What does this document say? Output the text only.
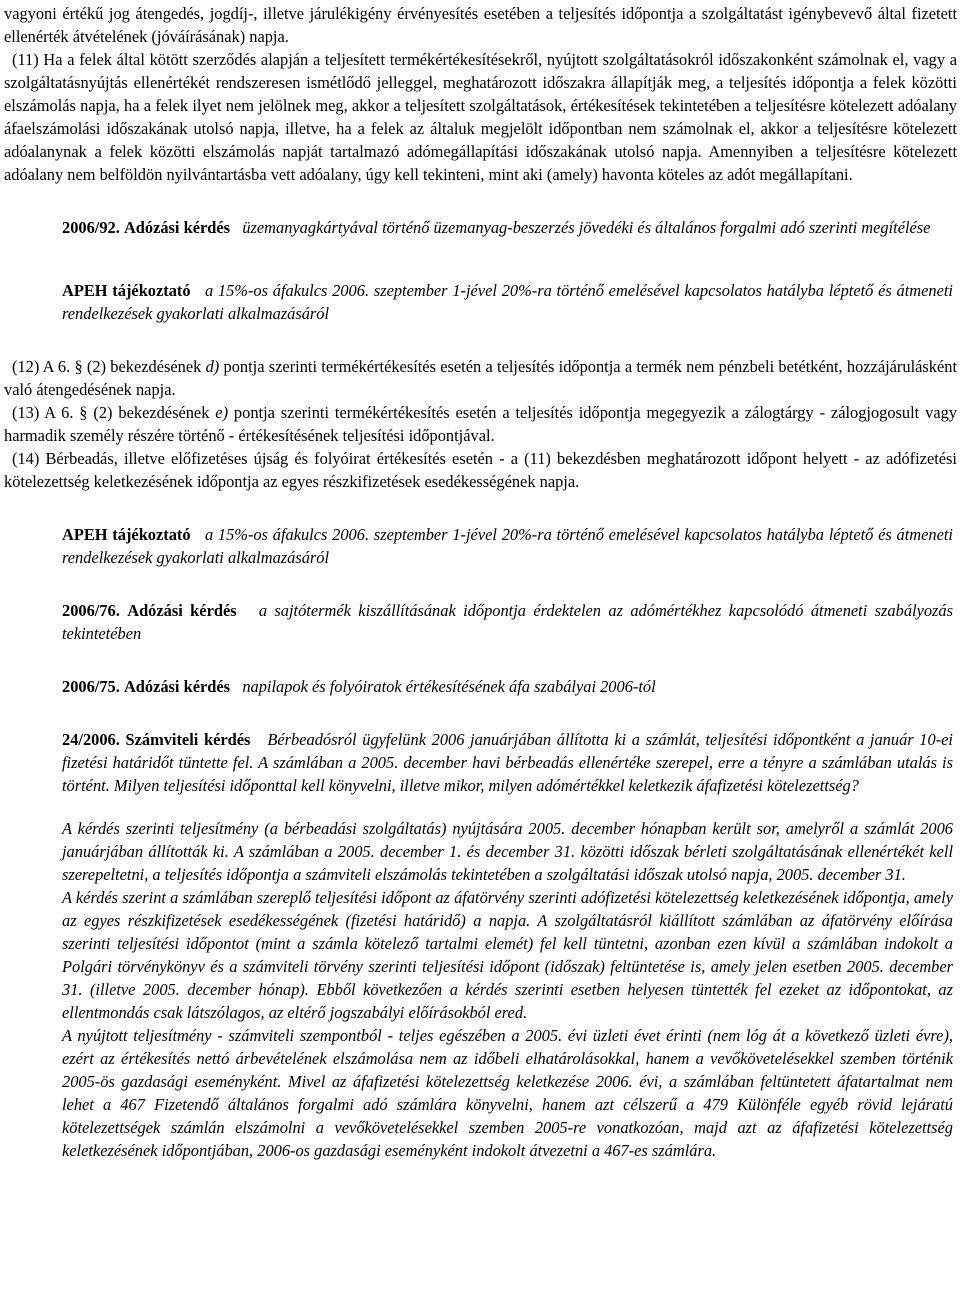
vagyoni értékű jog átengedés, jogdíj-, illetve járulékigény érvényesítés esetében a teljesítés időpontja a szolgáltatást igénybevevő által fizetett ellenérték átvételének (jóváírásának) napja.

(11) Ha a felek által kötött szerződés alapján a teljesített termékértékesítésekről, nyújtott szolgáltatásokról időszakonként számolnak el, vagy a szolgáltatásnyújtás ellenértékét rendszeresen ismétlődő jelleggel, meghatározott időszakra állapítják meg, a teljesítés időpontja a felek közötti elszámolás napja, ha a felek ilyet nem jelölnek meg, akkor a teljesített szolgáltatások, értékesítések tekintetében a teljesítésre kötelezett adóalany áfaelszámolási időszakának utolsó napja, illetve, ha a felek az általuk megjelölt időpontban nem számolnak el, akkor a teljesítésre kötelezett adóalanynak a felek közötti elszámolás napját tartalmazó adómegállapítási időszakának utolsó napja. Amennyiben a teljesítésre kötelezett adóalany nem belföldön nyilvántartásba vett adóalany, úgy kell tekinteni, mint aki (amely) havonta köteles az adót megállapítani.

2006/92. Adózási kérdés üzemanyagkártyával történő üzemanyag-beszerzés jövedéki és általános forgalmi adó szerinti megítélése

APEH tájékoztató a 15%-os áfakulcs 2006. szeptember 1-jével 20%-ra történő emelésével kapcsolatos hatályba léptető és átmeneti rendelkezések gyakorlati alkalmazásáról

(12) A 6. § (2) bekezdésének d) pontja szerinti termékértékesítés esetén a teljesítés időpontja a termék nem pénzbeli betétként, hozzájárulásként való átengedésének napja.

(13) A 6. § (2) bekezdésének e) pontja szerinti termékértékesítés esetén a teljesítés időpontja megegyezik a zálogtárgy - zálogjogosult vagy harmadik személy részére történő - értékesítésének teljesítési időpontjával.

(14) Bérbeadás, illetve előfizetéses újság és folyóirat értékesítés esetén - a (11) bekezdésben meghatározott időpont helyett - az adófizetési kötelezettség keletkezésének időpontja az egyes részkifizetések esedékességének napja.

APEH tájékoztató a 15%-os áfakulcs 2006. szeptember 1-jével 20%-ra történő emelésével kapcsolatos hatályba léptető és átmeneti rendelkezések gyakorlati alkalmazásáról

2006/76. Adózási kérdés a sajtótermék kiszállításának időpontja érdektelen az adómértékhez kapcsolódó átmeneti szabályozás tekintetében

2006/75. Adózási kérdés napilapok és folyóiratok értékesítésének áfa szabályai 2006-tól

24/2006. Számviteli kérdés Bérbeadósról ügyfelünk 2006 januárjában állította ki a számlát, teljesítési időpontként a január 10-ei fizetési határidőt tüntette fel. A számlában a 2005. december havi bérbeadás ellenértéke szerepel, erre a tényre a számlában utalás is történt. Milyen teljesítési időponttal kell könyvelni, illetve mikor, milyen adómértékkel keletkezik áfafizetési kötelezettség?

A kérdés szerinti teljesítmény (a bérbeadási szolgáltatás) nyújtására 2005. december hónapban került sor, amelyről a számlát 2006 januárjában állították ki. A számlában a 2005. december 1. és december 31. közötti időszak bérleti szolgáltatásának ellenértékét kell szerepeltetni, a teljesítés időpontja a számviteli elszámolás tekintetében a szolgáltatási időszak utolsó napja, 2005. december 31.

A kérdés szerint a számlában szereplő teljesítési időpont az áfatörvény szerinti adófizetési kötelezettség keletkezésének időpontja, amely az egyes részkifizetések esedékességének (fizetési határidő) a napja. A szolgáltatásról kiállított számlában az áfatörvény előírása szerinti teljesítési időpontot (mint a számla kötelező tartalmi elemét) fel kell tüntetni, azonban ezen kívül a számlában indokolt a Polgári törvénykönyv és a számviteli törvény szerinti teljesítési időpont (időszak) feltüntetése is, amely jelen esetben 2005. december 31. (illetve 2005. december hónap). Ebből következően a kérdés szerinti esetben helyesen tüntették fel ezeket az időpontokat, az ellentmondás csak látszólagos, az eltérő jogszabályi előírásokból ered.

A nyújtott teljesítmény - számviteli szempontból - teljes egészében a 2005. évi üzleti évet érinti (nem lóg át a következő üzleti évre), ezért az értékesítés nettó árbevételének elszámolása nem az időbeli elhatárolásokkal, hanem a vevőkövetelésekkel szemben történik 2005-ös gazdasági eseményként. Mivel az áfafizetési kötelezettség keletkezése 2006. évi, a számlában feltüntetett áfatartalmat nem lehet a 467 Fizetendő általános forgalmi adó számlára könyvelni, hanem azt célszerű a 479 Különféle egyéb rövid lejáratú kötelezettségek számlán elszámolni a vevőkövetelésekkel szemben 2005-re vonatkozóan, majd azt az áfafizetési kötelezettség keletkezésének időpontjában, 2006-os gazdasági eseményként indokolt átvezetni a 467-es számlára.
